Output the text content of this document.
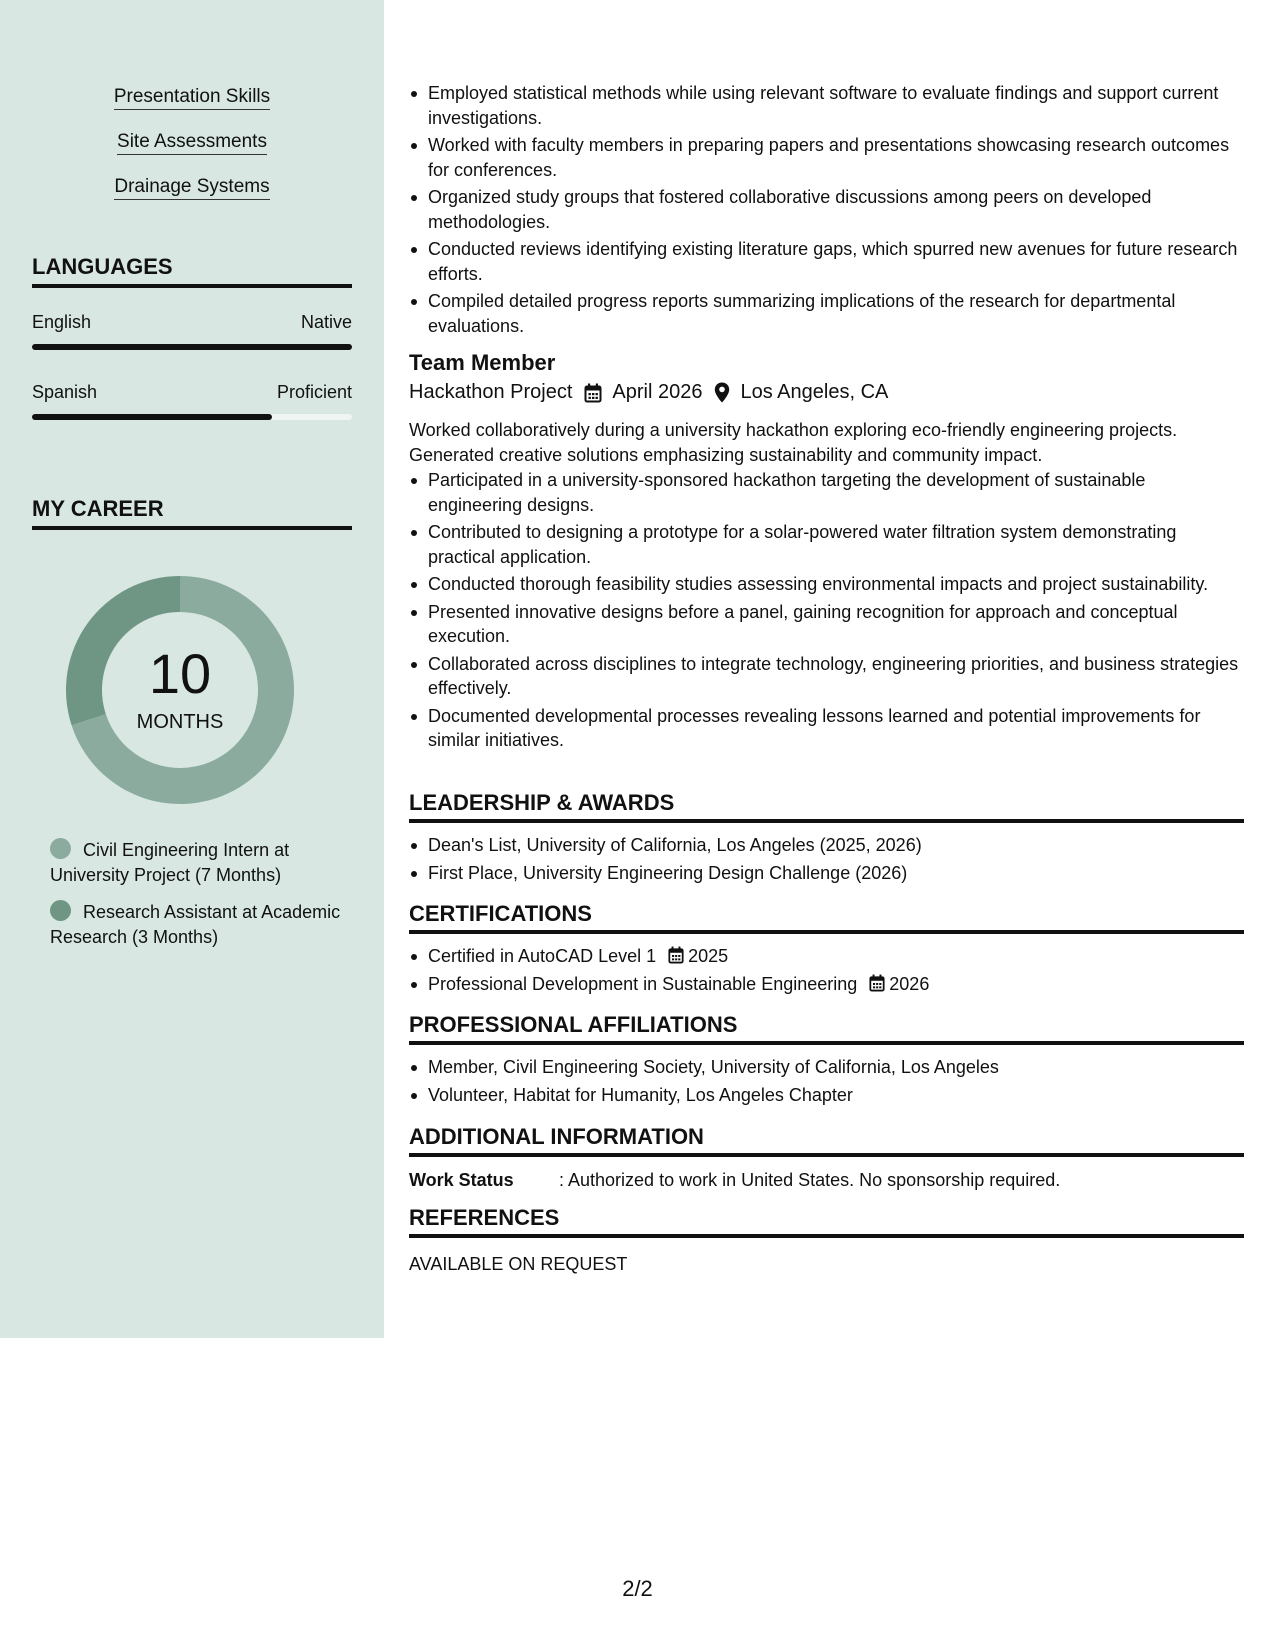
Presentation Skills
Site Assessments
Drainage Systems
LANGUAGES
English	Native
Spanish	Proficient
MY CAREER
10
MONTHS
Civil Engineering Intern at University Project (7 Months)
Research Assistant at Academic Research (3 Months)
Employed statistical methods while using relevant software to evaluate findings and support current investigations.
Worked with faculty members in preparing papers and presentations showcasing research outcomes for conferences.
Organized study groups that fostered collaborative discussions among peers on developed methodologies.
Conducted reviews identifying existing literature gaps, which spurred new avenues for future research efforts.
Compiled detailed progress reports summarizing implications of the research for departmental evaluations.
Team Member
Hackathon Project April 2026 Los Angeles, CA
Worked collaboratively during a university hackathon exploring eco-friendly engineering projects. Generated creative solutions emphasizing sustainability and community impact.
Participated in a university-sponsored hackathon targeting the development of sustainable engineering designs.
Contributed to designing a prototype for a solar-powered water filtration system demonstrating practical application.
Conducted thorough feasibility studies assessing environmental impacts and project sustainability.
Presented innovative designs before a panel, gaining recognition for approach and conceptual execution.
Collaborated across disciplines to integrate technology, engineering priorities, and business strategies effectively.
Documented developmental processes revealing lessons learned and potential improvements for similar initiatives.
LEADERSHIP & AWARDS
Dean's List, University of California, Los Angeles (2025, 2026)
First Place, University Engineering Design Challenge (2026)
CERTIFICATIONS
Certified in AutoCAD Level 1 2025
Professional Development in Sustainable Engineering 2026
PROFESSIONAL AFFILIATIONS
Member, Civil Engineering Society, University of California, Los Angeles
Volunteer, Habitat for Humanity, Los Angeles Chapter
ADDITIONAL INFORMATION
Work Status	: Authorized to work in United States. No sponsorship required.
REFERENCES
AVAILABLE ON REQUEST
2/2
